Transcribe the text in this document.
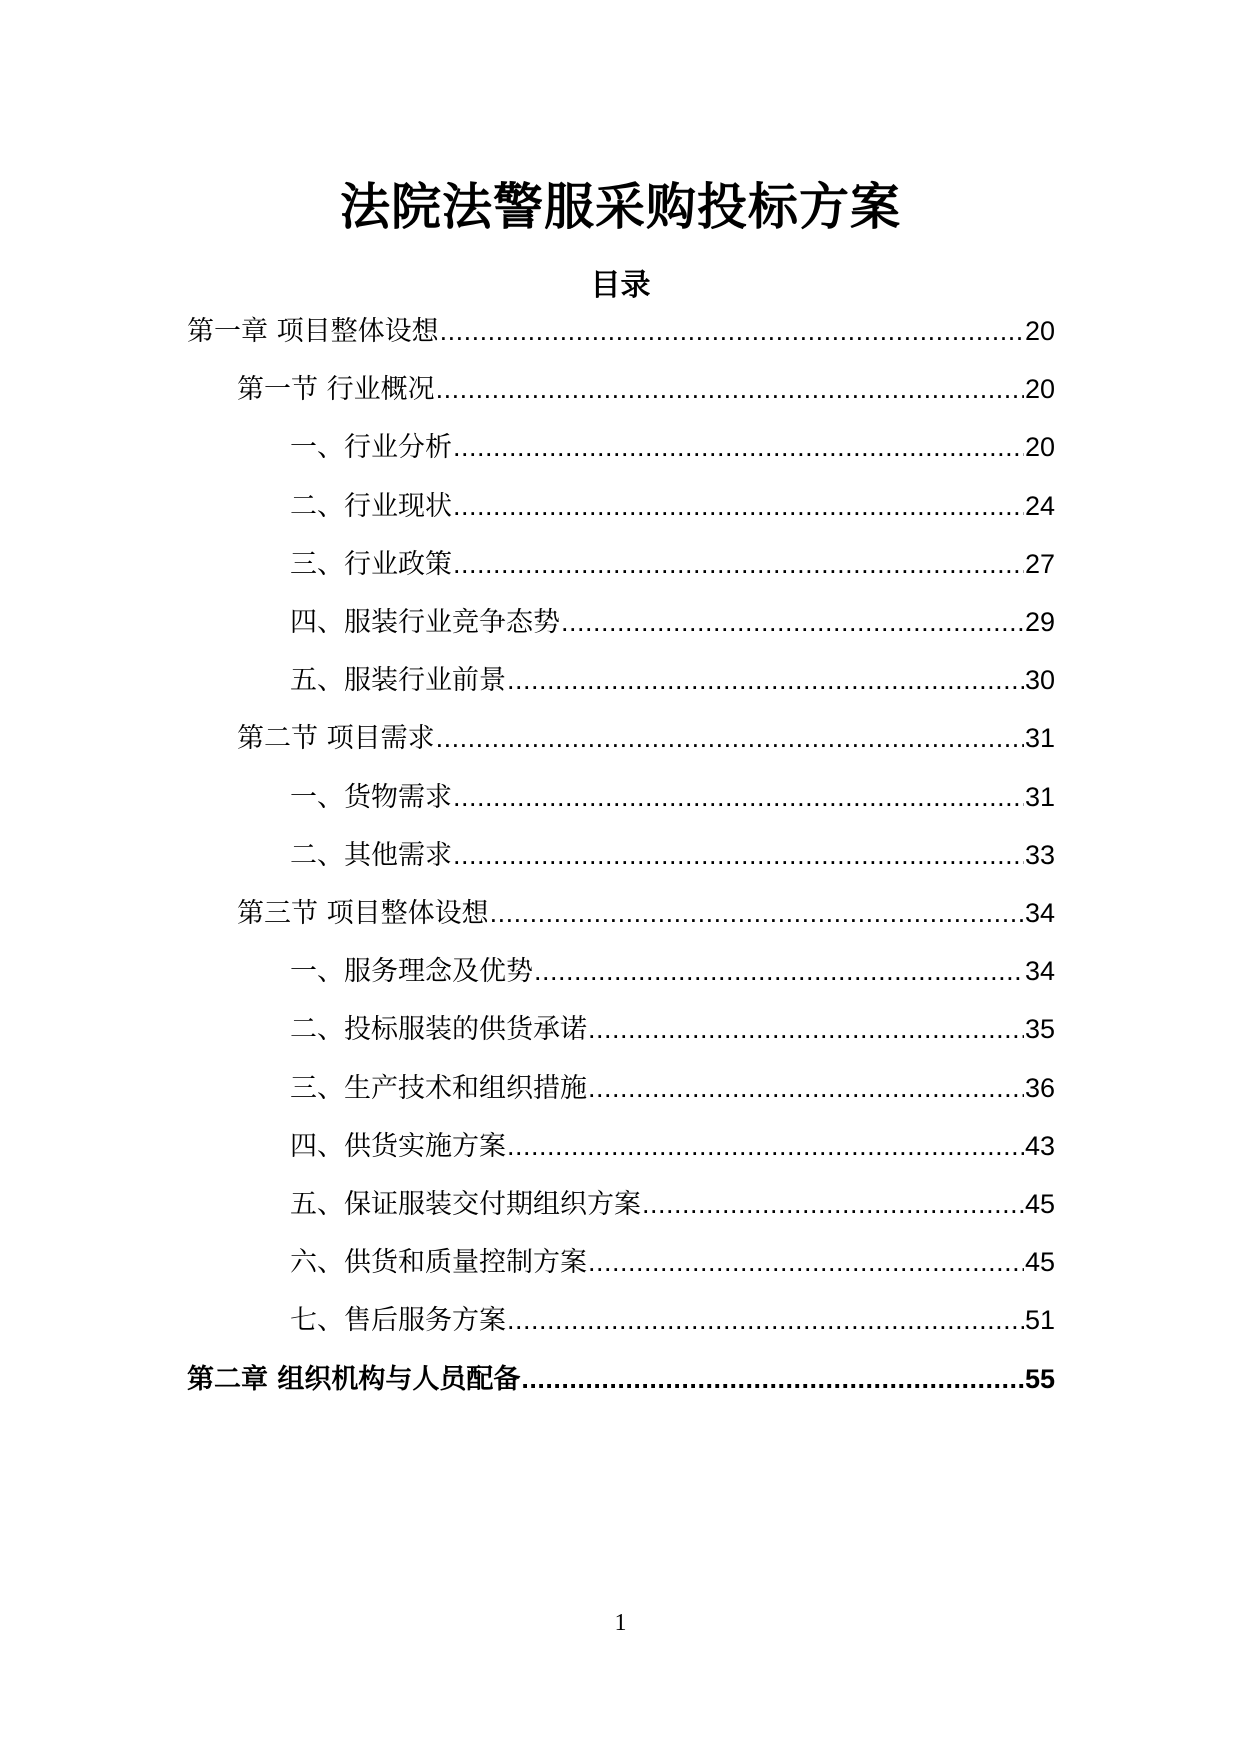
法院法警服采购投标方案
目录
第一章 项目整体设想 .....	20
第一节 行业概况 .....	20
一、行业分析 .....	20
二、行业现状 .....	24
三、行业政策 .....	27
四、服装行业竞争态势 .....	29
五、服装行业前景 .....	30
第二节 项目需求 .....	31
一、货物需求 .....	31
二、其他需求 .....	33
第三节 项目整体设想 .....	34
一、服务理念及优势 .....	34
二、投标服装的供货承诺 .....	35
三、生产技术和组织措施 .....	36
四、供货实施方案 .....	43
五、保证服装交付期组织方案 .....	45
六、供货和质量控制方案 .....	45
七、售后服务方案 .....	51
第二章 组织机构与人员配备 .....	55
1
